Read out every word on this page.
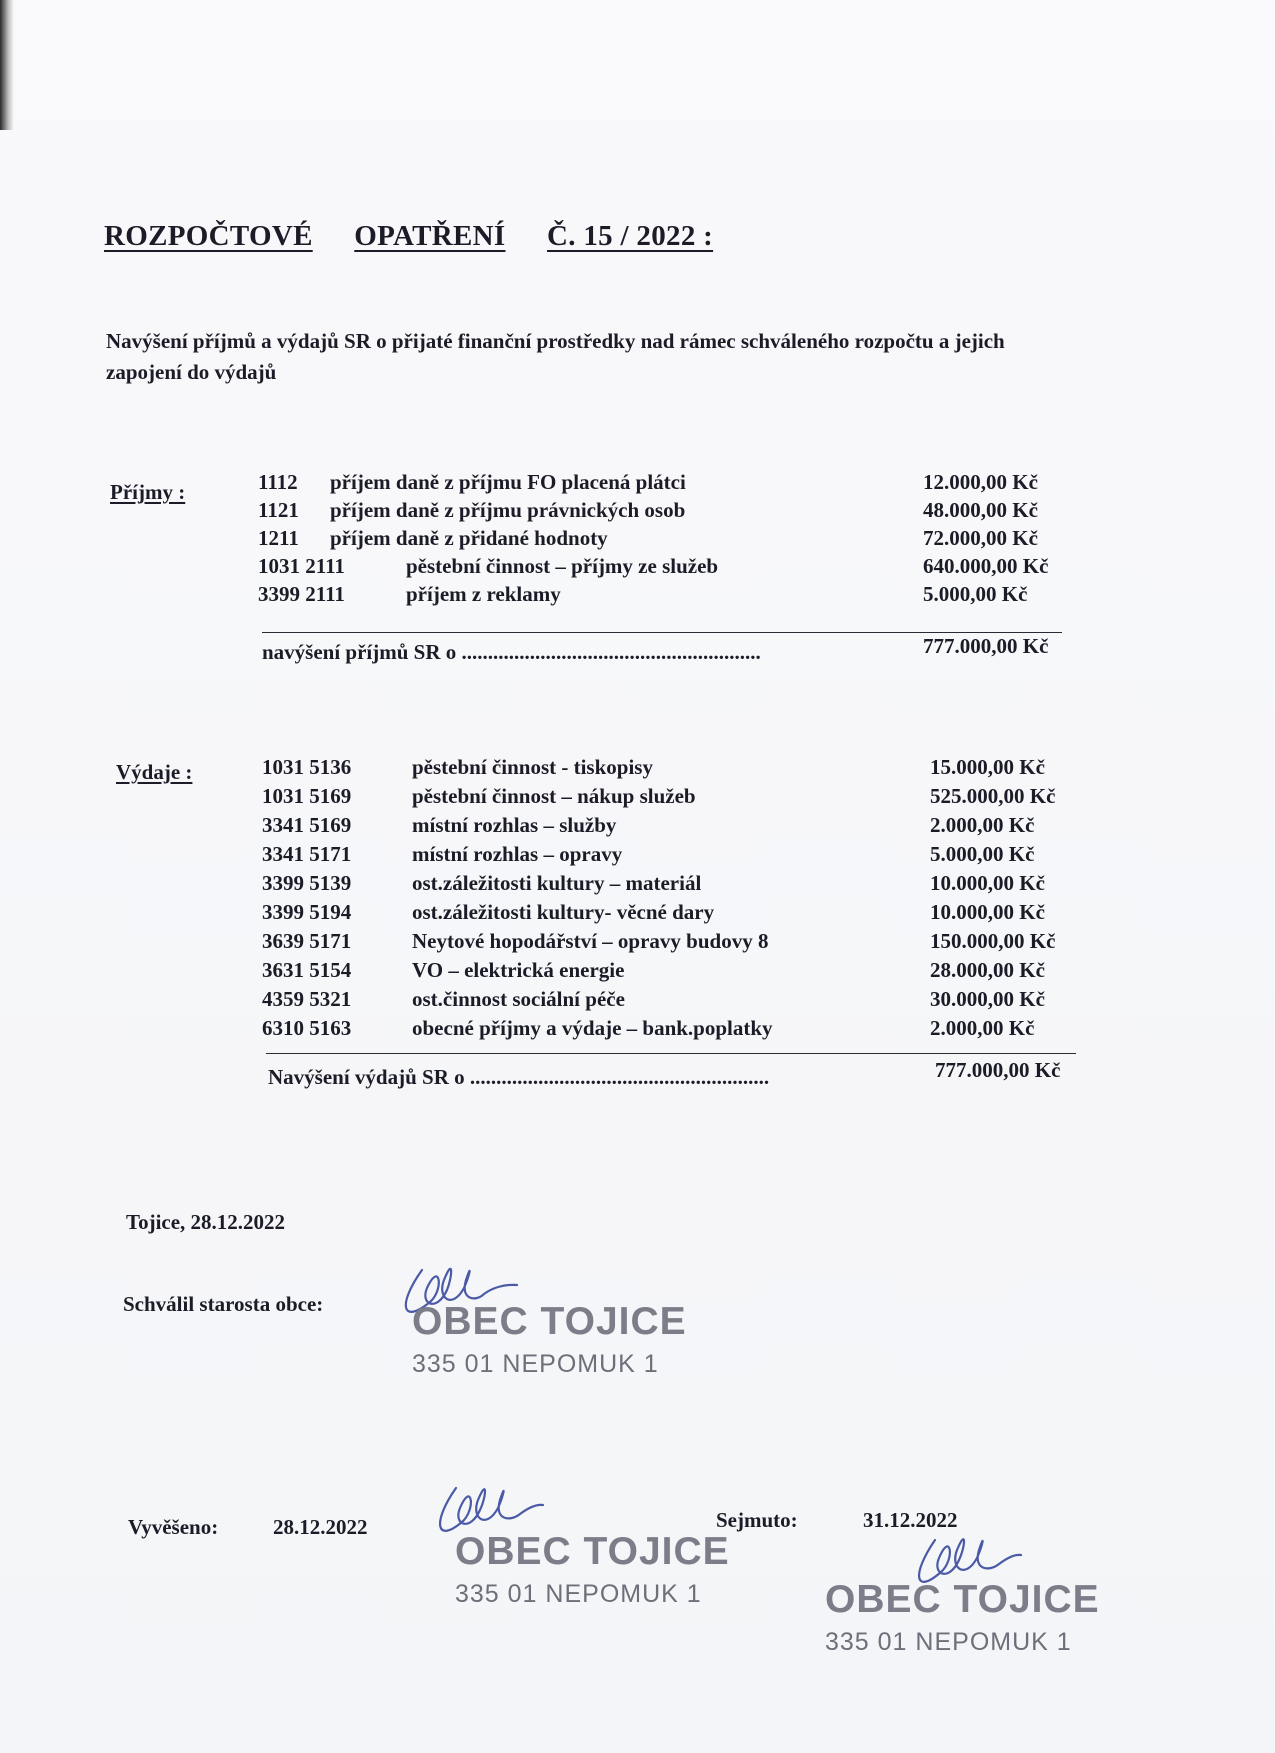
ROZPOČTOVÉ OPATŘENÍ Č. 15 / 2022 :
Navýšení příjmů a výdajů SR o přijaté finanční prostředky nad rámec schváleného rozpočtu a jejich zapojení do výdajů
Příjmy :	1112 příjem daně z příjmu FO placená plátci	12.000,00 Kč
1121 příjem daně z příjmu právnických osob	48.000,00 Kč
1211 příjem daně z přidané hodnoty	72.000,00 Kč
1031 2111	pěstební činnost – příjmy ze služeb	640.000,00 Kč
3399 2111	příjem z reklamy	5.000,00 Kč
navýšení příjmů SR o .........................................................	777.000,00 Kč
Výdaje :	1031 5136	pěstební činnost - tiskopisy	15.000,00 Kč
1031 5169	pěstební činnost – nákup služeb	525.000,00 Kč
3341 5169	místní rozhlas – služby	2.000,00 Kč
3341 5171	místní rozhlas – opravy	5.000,00 Kč
3399 5139	ost.záležitosti kultury – materiál	10.000,00 Kč
3399 5194	ost.záležitosti kultury- věcné dary	10.000,00 Kč
3639 5171	Neytové hopodářství – opravy budovy 8	150.000,00 Kč
3631 5154	VO – elektrická energie	28.000,00 Kč
4359 5321	ost.činnost sociální péče	30.000,00 Kč
6310 5163	obecné příjmy a výdaje – bank.poplatky	2.000,00 Kč
Navýšení výdajů SR o .........................................................	777.000,00 Kč
Tojice, 28.12.2022
Schválil starosta obce: OBEC TOJICE
335 01 NEPOMUK 1
Vyvěšeno:	28.12.2022
OBEC TOJICE
335 01 NEPOMUK 1
Sejmuto:	31.12.2022
OBEC TOJICE
335 01 NEPOMUK 1
